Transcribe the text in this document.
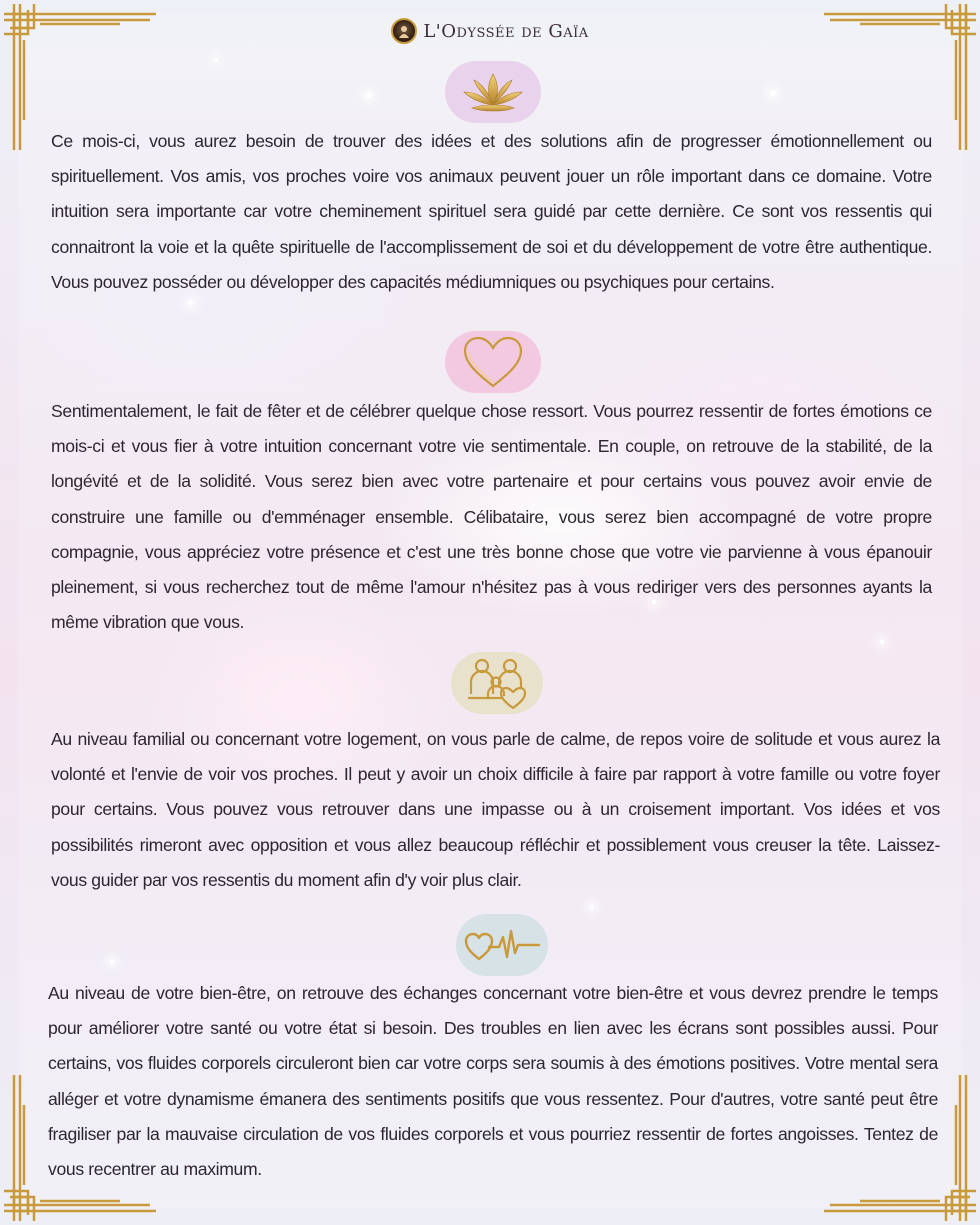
L'Odyssée de Gaïa

Ce mois-ci, vous aurez besoin de trouver des idées et des solutions afin de progresser émotionnellement ou spirituellement. Vos amis, vos proches voire vos animaux peuvent jouer un rôle important dans ce domaine. Votre intuition sera importante car votre cheminement spirituel sera guidé par cette dernière. Ce sont vos ressentis qui connaitront la voie et la quête spirituelle de l'accomplissement de soi et du développement de votre être authentique. Vous pouvez posséder ou développer des capacités médiumniques ou psychiques pour certains.

Sentimentalement, le fait de fêter et de célébrer quelque chose ressort. Vous pourrez ressentir de fortes émotions ce mois-ci et vous fier à votre intuition concernant votre vie sentimentale. En couple, on retrouve de la stabilité, de la longévité et de la solidité. Vous serez bien avec votre partenaire et pour certains vous pouvez avoir envie de construire une famille ou d'emménager ensemble. Célibataire, vous serez bien accompagné de votre propre compagnie, vous appréciez votre présence et c'est une très bonne chose que votre vie parvienne à vous épanouir pleinement, si vous recherchez tout de même l'amour n'hésitez pas à vous rediriger vers des personnes ayants la même vibration que vous.

Au niveau familial ou concernant votre logement, on vous parle de calme, de repos voire de solitude et vous aurez la volonté et l'envie de voir vos proches. Il peut y avoir un choix difficile à faire par rapport à votre famille ou votre foyer pour certains. Vous pouvez vous retrouver dans une impasse ou à un croisement important. Vos idées et vos possibilités rimeront avec opposition et vous allez beaucoup réfléchir et possiblement vous creuser la tête. Laissez-vous guider par vos ressentis du moment afin d'y voir plus clair.

Au niveau de votre bien-être, on retrouve des échanges concernant votre bien-être et vous devrez prendre le temps pour améliorer votre santé ou votre état si besoin. Des troubles en lien avec les écrans sont possibles aussi. Pour certains, vos fluides corporels circuleront bien car votre corps sera soumis à des émotions positives. Votre mental sera alléger et votre dynamisme émanera des sentiments positifs que vous ressentez. Pour d'autres, votre santé peut être fragiliser par la mauvaise circulation de vos fluides corporels et vous pourriez ressentir de fortes angoisses. Tentez de vous recentrer au maximum.
